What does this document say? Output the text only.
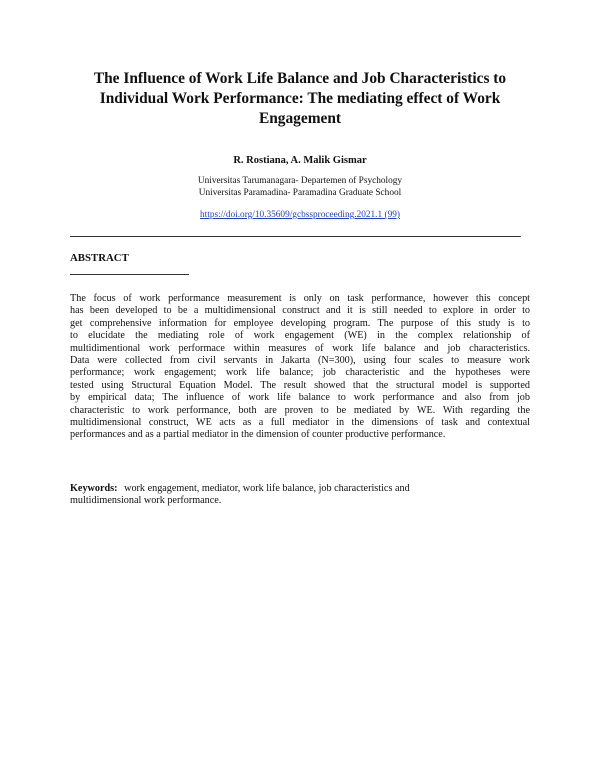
The Influence of Work Life Balance and Job Characteristics to
Individual Work Performance: The mediating effect of Work
Engagement
R. Rostiana, A. Malik Gismar
Universitas Tarumanagara- Departemen of Psychology
Universitas Paramadina- Paramadina Graduate School
https://doi.org/10.35609/gcbssproceeding.2021.1 (99)
ABSTRACT
The focus of work performance measurement is only on task performance, however this concept
has been developed to be a multidimensional construct and it is still needed to explore in order to
get comprehensive information for employee developing program. The purpose of this study is to
to elucidate the mediating role of work engagement (WE) in the complex relationship of
multidimentional work performace within measures of work life balance and job characteristics.
Data were collected from civil servants in Jakarta (N=300), using four scales to measure work
performance; work engagement; work life balance; job characteristic and the hypotheses were
tested using Structural Equation Model. The result showed that the structural model is supported
by empirical data; The influence of work life balance to work performance and also from job
characteristic to work performance, both are proven to be mediated by WE. With regarding the
multidimensional construct, WE acts as a full mediator in the dimensions of task and contextual
performances and as a partial mediator in the dimension of counter productive performance.
Keywords: work engagement, mediator, work life balance, job characteristics and
multidimensional work performance.
